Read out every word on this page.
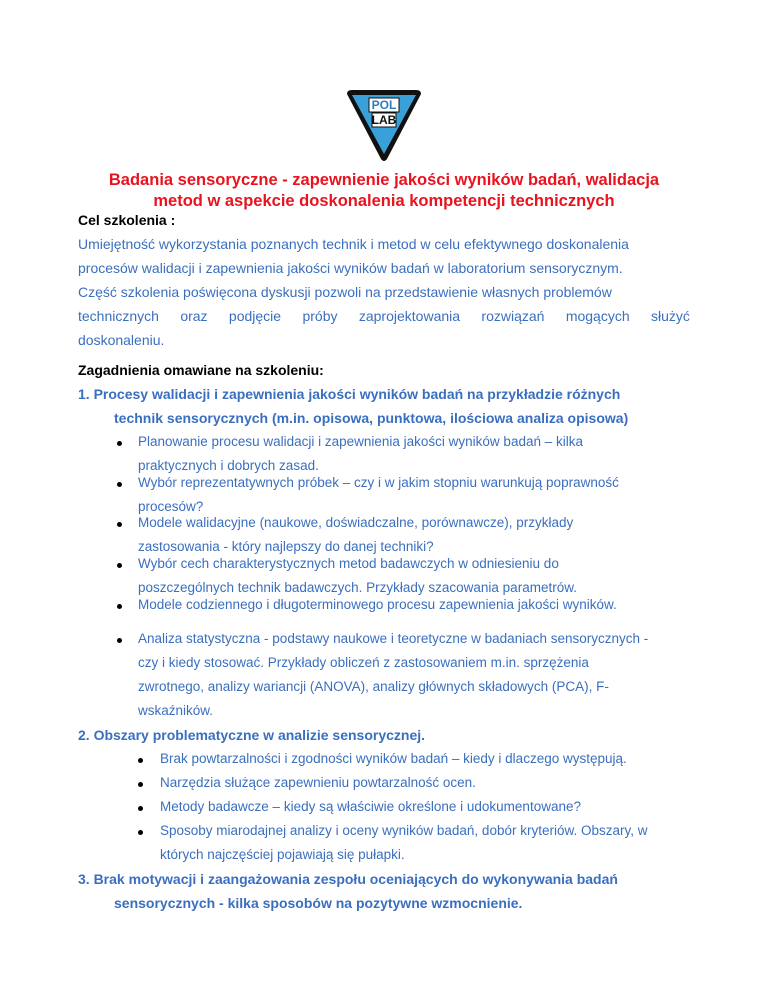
POL
LAB
Badania sensoryczne - zapewnienie jakości wyników badań, walidacja
metod w aspekcie doskonalenia kompetencji technicznych
Cel szkolenia :
Umiejętność wykorzystania poznanych technik i metod w celu efektywnego doskonalenia
procesów walidacji i zapewnienia jakości wyników badań w laboratorium sensorycznym.
Część szkolenia poświęcona dyskusji pozwoli na przedstawienie własnych problemów
technicznych oraz podjęcie próby zaprojektowania rozwiązań mogących służyć
doskonaleniu.
Zagadnienia omawiane na szkoleniu:
1. Procesy walidacji i zapewnienia jakości wyników badań na przykładzie różnych
technik sensorycznych (m.in. opisowa, punktowa, ilościowa analiza opisowa)
Planowanie procesu walidacji i zapewnienia jakości wyników badań – kilka
praktycznych i dobrych zasad.
Wybór reprezentatywnych próbek – czy i w jakim stopniu warunkują poprawność
procesów?
Modele walidacyjne (naukowe, doświadczalne, porównawcze), przykłady
zastosowania - który najlepszy do danej techniki?
Wybór cech charakterystycznych metod badawczych w odniesieniu do
poszczególnych technik badawczych. Przykłady szacowania parametrów.
Modele codziennego i długoterminowego procesu zapewnienia jakości wyników.
Analiza statystyczna - podstawy naukowe i teoretyczne w badaniach sensorycznych -
czy i kiedy stosować. Przykłady obliczeń z zastosowaniem m.in. sprzężenia
zwrotnego, analizy wariancji (ANOVA), analizy głównych składowych (PCA), F-
wskaźników.
2. Obszary problematyczne w analizie sensorycznej.
Brak powtarzalności i zgodności wyników badań – kiedy i dlaczego występują.
Narzędzia służące zapewnieniu powtarzalność ocen.
Metody badawcze – kiedy są właściwie określone i udokumentowane?
Sposoby miarodajnej analizy i oceny wyników badań, dobór kryteriów. Obszary, w
których najczęściej pojawiają się pułapki.
3. Brak motywacji i zaangażowania zespołu oceniających do wykonywania badań
sensorycznych - kilka sposobów na pozytywne wzmocnienie.
